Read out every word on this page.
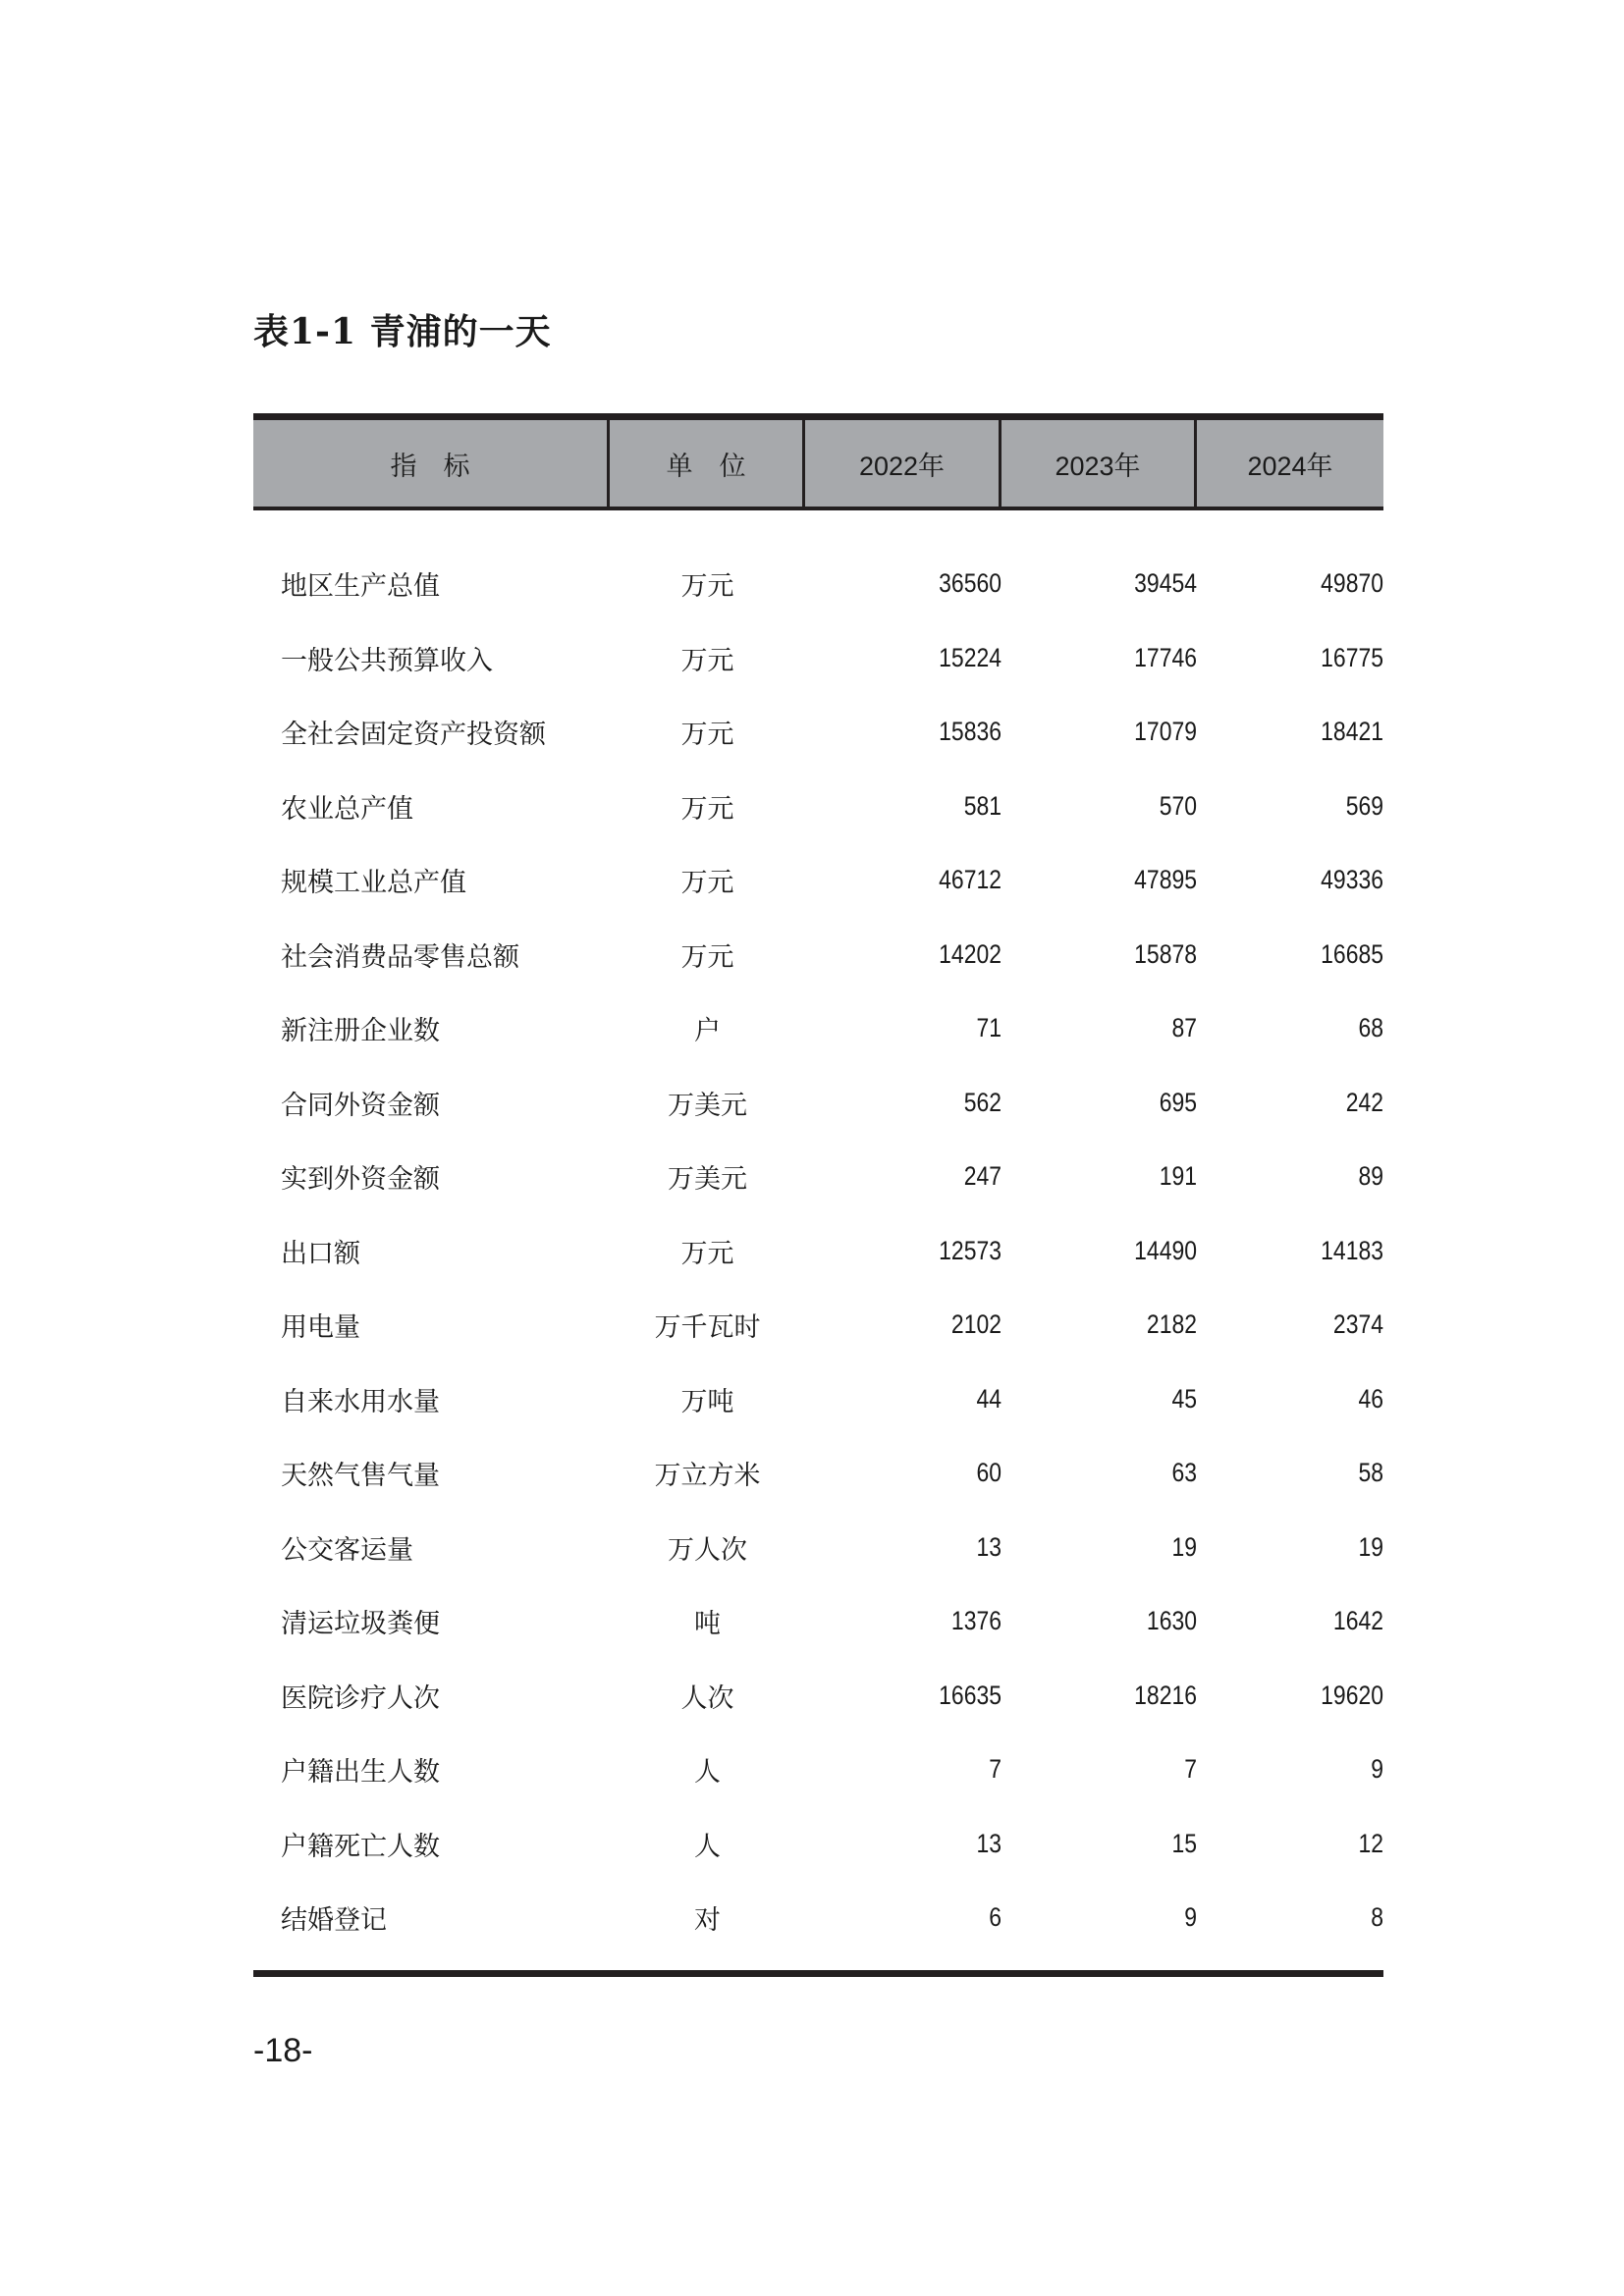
表1-1 青浦的一天
指　标	单　位	2022年	2023年	2024年
地区生产总值	万元	36560	39454	49870
一般公共预算收入	万元	15224	17746	16775
全社会固定资产投资额	万元	15836	17079	18421
农业总产值	万元	581	570	569
规模工业总产值	万元	46712	47895	49336
社会消费品零售总额	万元	14202	15878	16685
新注册企业数	户	71	87	68
合同外资金额	万美元	562	695	242
实到外资金额	万美元	247	191	89
出口额	万元	12573	14490	14183
用电量	万千瓦时	2102	2182	2374
自来水用水量	万吨	44	45	46
天然气售气量	万立方米	60	63	58
公交客运量	万人次	13	19	19
清运垃圾粪便	吨	1376	1630	1642
医院诊疗人次	人次	16635	18216	19620
户籍出生人数	人	7	7	9
户籍死亡人数	人	13	15	12
结婚登记	对	6	9	8
-18-
